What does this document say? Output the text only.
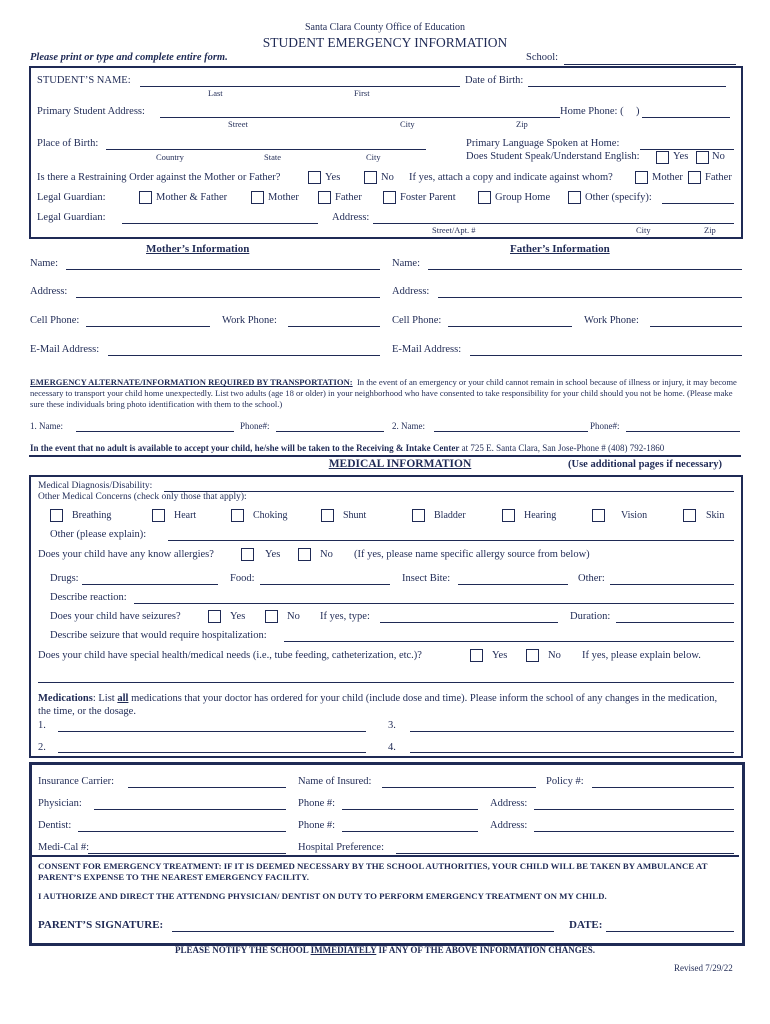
Santa Clara County Office of Education
STUDENT EMERGENCY INFORMATION
Please print or type and complete entire form.	School:
STUDENT’S NAME:	Date of Birth:
Last	First
Primary Student Address:	Home Phone: ( )
Street	City	Zip
Place of Birth:	Primary Language Spoken at Home:
Country	State	City	Does Student Speak/Understand English:	Yes No
Is there a Restraining Order against the Mother or Father?	Yes	No If yes, attach a copy and indicate against whom?	Mother Father
Legal Guardian:	Mother & Father	Mother	Father	Foster Parent	Group Home	Other (specify):
Legal Guardian:	Address:
Street/Apt. #	City	Zip
Mother’s Information	Father’s Information
Name:	Name:
Address:	Address:
Cell Phone:	Work Phone:	Cell Phone:	Work Phone:
E-Mail Address:	E-Mail Address:
EMERGENCY ALTERNATE/INFORMATION REQUIRED BY TRANSPORTATION: In the event of an emergency or your child cannot remain in school because of illness or injury, it may become necessary to transport your child home unexpectedly. List two adults (age 18 or older) in your neighborhood who have consented to take responsibility for your child should you not be home. (Please make sure these individuals bring photo identification with them to the school.)
1. Name:	Phone#:	2. Name:	Phone#:
In the event that no adult is available to accept your child, he/she will be taken to the Receiving & Intake Center at 725 E. Santa Clara, San Jose-Phone # (408) 792-1860
MEDICAL INFORMATION	(Use additional pages if necessary)
Medical Diagnosis/Disability:
Other Medical Concerns (check only those that apply):
Breathing	Heart	Choking	Shunt	Bladder	Hearing	Vision	Skin
Other (please explain):
Does your child have any know allergies?	Yes	No (If yes, please name specific allergy source from below)
Drugs:	Food:	Insect Bite:	Other:
Describe reaction:
Does your child have seizures?	Yes	No If yes, type:	Duration:
Describe seizure that would require hospitalization:
Does your child have special health/medical needs (i.e., tube feeding, catheterization, etc.)?	Yes	No If yes, please explain below.
Medications: List all medications that your doctor has ordered for your child (include dose and time). Please inform the school of any changes in the medication, the time, or the dosage.
1.	3.
2.	4.
Insurance Carrier:	Name of Insured:	Policy #:
Physician:	Phone #:	Address:
Dentist:	Phone #:	Address:
Medi-Cal #:	Hospital Preference:
CONSENT FOR EMERGENCY TREATMENT: IF IT IS DEEMED NECESSARY BY THE SCHOOL AUTHORITIES, YOUR CHILD WILL BE TAKEN BY AMBULANCE AT PARENT’S EXPENSE TO THE NEAREST EMERGENCY FACILITY.
I AUTHORIZE AND DIRECT THE ATTENDNG PHYSICIAN/ DENTIST ON DUTY TO PERFORM EMERGENCY TREATMENT ON MY CHILD.
PARENT’S SIGNATURE:	DATE:
PLEASE NOTIFY THE SCHOOL IMMEDIATELY IF ANY OF THE ABOVE INFORMATION CHANGES.
Revised 7/29/22
